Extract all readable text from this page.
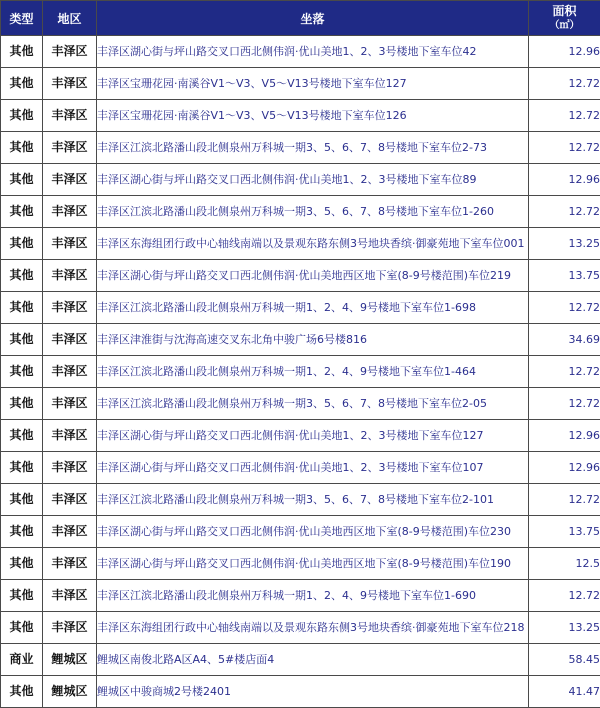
类型	地区	坐落	面积
（㎡）

其他	丰泽区	丰泽区湖心街与坪山路交叉口西北侧伟润·优山美地1、2、3号楼地下室车位42	12.96
其他	丰泽区	丰泽区宝珊花园·南溪谷V1～V3、V5～V13号楼地下室车位127	12.72
其他	丰泽区	丰泽区宝珊花园·南溪谷V1～V3、V5～V13号楼地下室车位126	12.72
其他	丰泽区	丰泽区江滨北路潘山段北侧泉州万科城一期3、5、6、7、8号楼地下室车位2-73	12.72
其他	丰泽区	丰泽区湖心街与坪山路交叉口西北侧伟润·优山美地1、2、3号楼地下室车位89	12.96
其他	丰泽区	丰泽区江滨北路潘山段北侧泉州万科城一期3、5、6、7、8号楼地下室车位1-260	12.72
其他	丰泽区	丰泽区东海组团行政中心轴线南端以及景观东路东侧3号地块香缤·御豪苑地下室车位001	13.25
其他	丰泽区	丰泽区湖心街与坪山路交叉口西北侧伟润·优山美地西区地下室(8-9号楼范围)车位219	13.75
其他	丰泽区	丰泽区江滨北路潘山段北侧泉州万科城一期1、2、4、9号楼地下室车位1-698	12.72
其他	丰泽区	丰泽区津淮街与沈海高速交叉东北角中骏广场6号楼816	34.69
其他	丰泽区	丰泽区江滨北路潘山段北侧泉州万科城一期1、2、4、9号楼地下室车位1-464	12.72
其他	丰泽区	丰泽区江滨北路潘山段北侧泉州万科城一期3、5、6、7、8号楼地下室车位2-05	12.72
其他	丰泽区	丰泽区湖心街与坪山路交叉口西北侧伟润·优山美地1、2、3号楼地下室车位127	12.96
其他	丰泽区	丰泽区湖心街与坪山路交叉口西北侧伟润·优山美地1、2、3号楼地下室车位107	12.96
其他	丰泽区	丰泽区江滨北路潘山段北侧泉州万科城一期3、5、6、7、8号楼地下室车位2-101	12.72
其他	丰泽区	丰泽区湖心街与坪山路交叉口西北侧伟润·优山美地西区地下室(8-9号楼范围)车位230	13.75
其他	丰泽区	丰泽区湖心街与坪山路交叉口西北侧伟润·优山美地西区地下室(8-9号楼范围)车位190	12.5
其他	丰泽区	丰泽区江滨北路潘山段北侧泉州万科城一期1、2、4、9号楼地下室车位1-690	12.72
其他	丰泽区	丰泽区东海组团行政中心轴线南端以及景观东路东侧3号地块香缤·御豪苑地下室车位218	13.25
商业	鲤城区	鲤城区南俊北路A区A4、5#楼店面4	58.45
其他	鲤城区	鲤城区中骏商城2号楼2401	41.47
